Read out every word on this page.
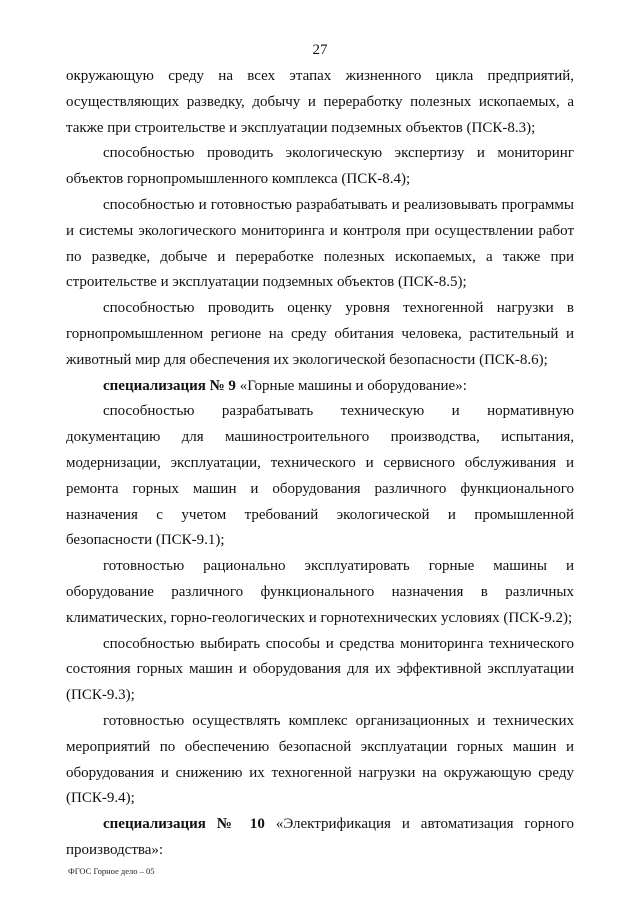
27

окружающую среду на всех этапах жизненного цикла предприятий, осуществляющих разведку, добычу и переработку полезных ископаемых, а также при строительстве и эксплуатации подземных объектов (ПСК-8.3);

способностью проводить экологическую экспертизу и мониторинг объектов горнопромышленного комплекса (ПСК-8.4);

способностью и готовностью разрабатывать и реализовывать программы и системы экологического мониторинга и контроля при осуществлении работ по разведке, добыче и переработке полезных ископаемых, а также при строительстве и эксплуатации подземных объектов (ПСК-8.5);

способностью проводить оценку уровня техногенной нагрузки в горнопромышленном регионе на среду обитания человека, растительный и животный мир для обеспечения их экологической безопасности (ПСК-8.6);

специализация № 9 «Горные машины и оборудование»:

способностью разрабатывать техническую и нормативную документацию для машиностроительного производства, испытания, модернизации, эксплуатации, технического и сервисного обслуживания и ремонта горных машин и оборудования различного функционального назначения с учетом требований экологической и промышленной безопасности (ПСК-9.1);

готовностью рационально эксплуатировать горные машины и оборудование различного функционального назначения в различных климатических, горно-геологических и горнотехнических условиях (ПСК-9.2);

способностью выбирать способы и средства мониторинга технического состояния горных машин и оборудования для их эффективной эксплуатации (ПСК-9.3);

готовностью осуществлять комплекс организационных и технических мероприятий по обеспечению безопасной эксплуатации горных машин и оборудования и снижению их техногенной нагрузки на окружающую среду (ПСК-9.4);

специализация № 10 «Электрификация и автоматизация горного производства»:

ФГОС Горное дело – 05
